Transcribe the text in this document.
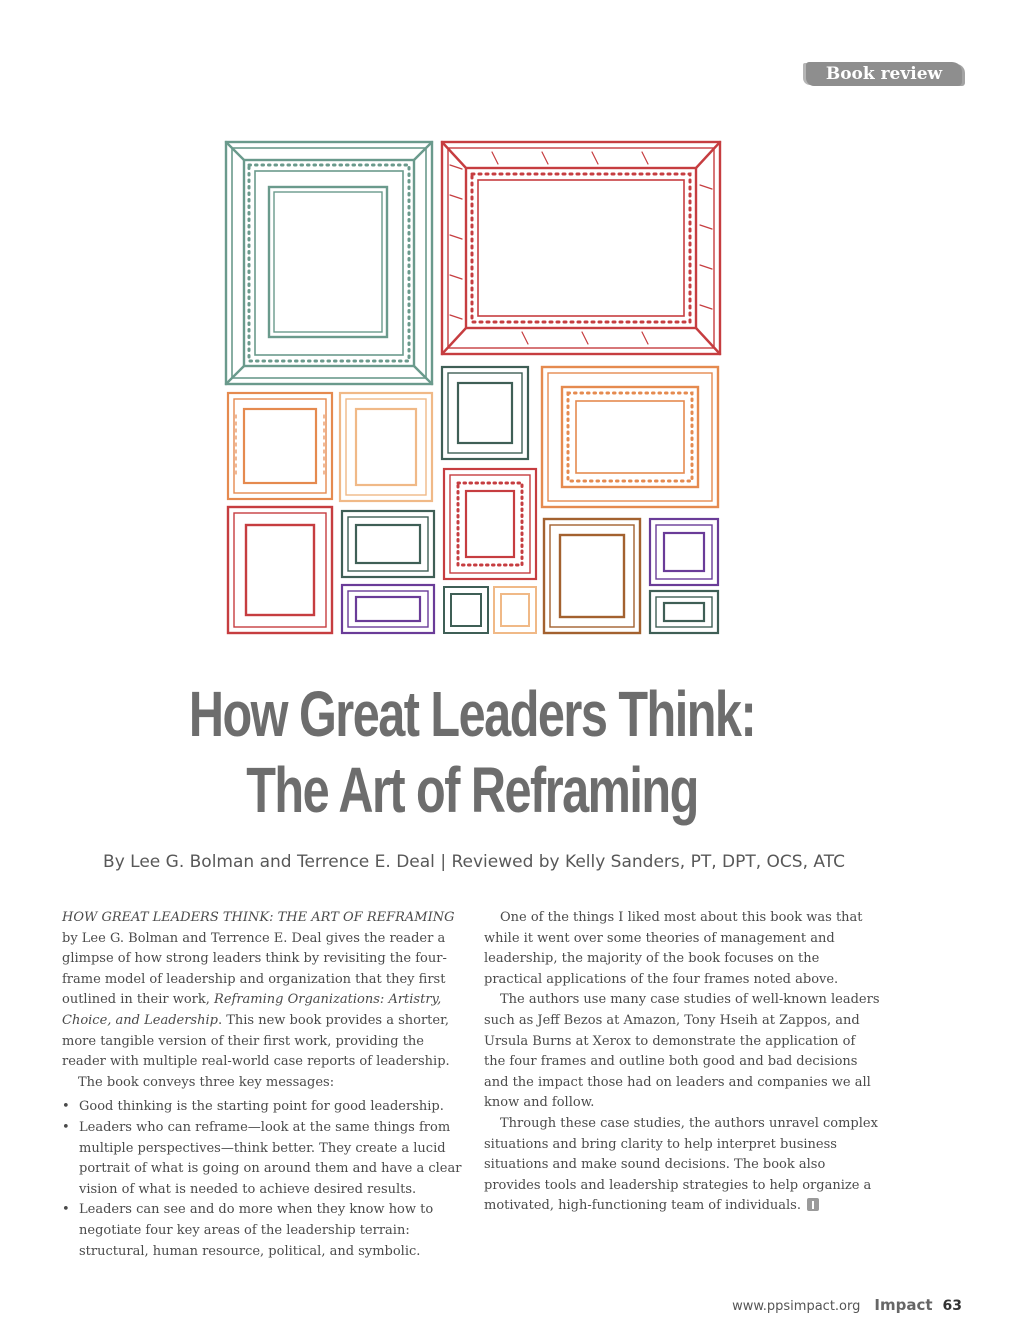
Book review
How Great Leaders Think:
The Art of Reframing
By Lee G. Bolman and Terrence E. Deal | Reviewed by Kelly Sanders, PT, DPT, OCS, ATC

HOW GREAT LEADERS THINK: THE ART OF REFRAMING by Lee G. Bolman and Terrence E. Deal gives the reader a glimpse of how strong leaders think by revisiting the four-frame model of leadership and organization that they first outlined in their work, Reframing Organizations: Artistry, Choice, and Leadership. This new book provides a shorter, more tangible version of their first work, providing the reader with multiple real-world case reports of leadership.

The book conveys three key messages:

• Good thinking is the starting point for good leadership.
• Leaders who can reframe—look at the same things from multiple perspectives—think better. They create a lucid portrait of what is going on around them and have a clear vision of what is needed to achieve desired results.
• Leaders can see and do more when they know how to negotiate four key areas of the leadership terrain: structural, human resource, political, and symbolic.

One of the things I liked most about this book was that while it went over some theories of management and leadership, the majority of the book focuses on the practical applications of the four frames noted above.

The authors use many case studies of well-known leaders such as Jeff Bezos at Amazon, Tony Hseih at Zappos, and Ursula Burns at Xerox to demonstrate the application of the four frames and outline both good and bad decisions and the impact those had on leaders and companies we all know and follow.

Through these case studies, the authors unravel complex situations and bring clarity to help interpret business situations and make sound decisions. The book also provides tools and leadership strategies to help organize a motivated, high-functioning team of individuals.

www.ppsimpact.org Impact 63
